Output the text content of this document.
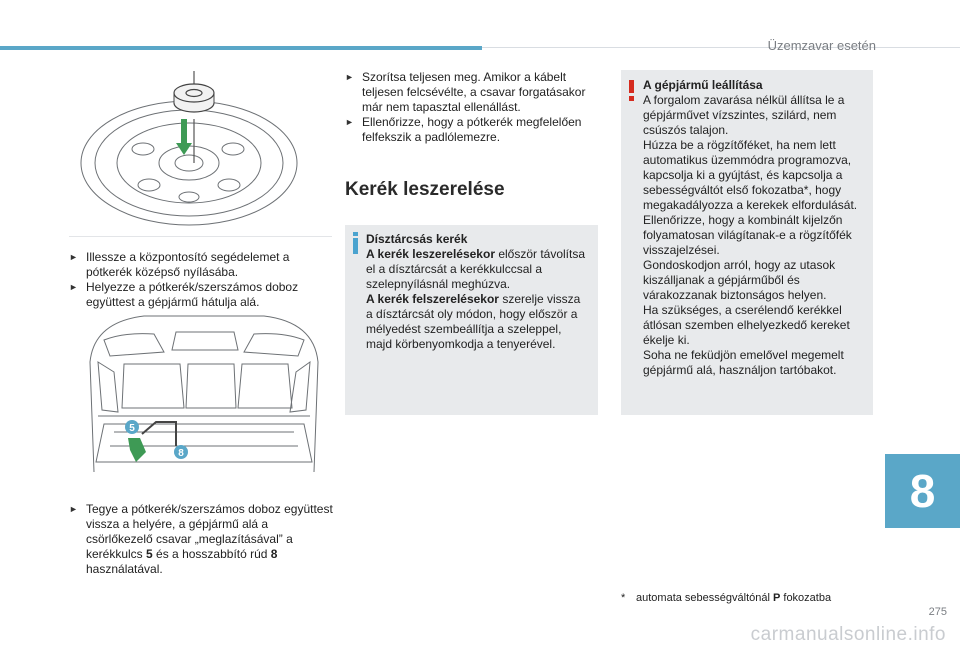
Üzemzavar esetén

► Illessze a központosító segédelemet a pótkerék középső nyílásába.

► Helyezze a pótkerék/szerszámos doboz együttest a gépjármű hátulja alá.

5
8

► Tegye a pótkerék/szerszámos doboz együttest vissza a helyére, a gépjármű alá a csörlőkezelő csavar „meglazításával” a kerékkulcs 5 és a hosszabbító rúd 8 használatával.

► Szorítsa teljesen meg. Amikor a kábelt teljesen felcsévélte, a csavar forgatásakor már nem tapasztal ellenállást.

► Ellenőrizze, hogy a pótkerék megfelelően felfekszik a padlólemezre.

Kerék leszerelése
Dísztárcsás kerék

A kerék leszerelésekor először távolítsa el a dísztárcsát a kerékkulccsal a szelepnyílásnál meghúzva.

A kerék felszerelésekor szerelje vissza a dísztárcsát oly módon, hogy először a mélyedést szembeállítja a szeleppel, majd körbenyomkodja a tenyerével.

A gépjármű leállítása

A forgalom zavarása nélkül állítsa le a gépjárművet vízszintes, szilárd, nem csúszós talajon.

Húzza be a rögzítőféket, ha nem lett automatikus üzemmódra programozva, kapcsolja ki a gyújtást, és kapcsolja a sebességváltót első fokozatba*, hogy megakadályozza a kerekek elfordulását.

Ellenőrizze, hogy a kombinált kijelzőn folyamatosan világítanak-e a rögzítőfék visszajelzései.

Gondoskodjon arról, hogy az utasok kiszálljanak a gépjárműből és várakozzanak biztonságos helyen.

Ha szükséges, a cserélendő kerékkel átlósan szemben elhelyezkedő kereket ékelje ki.

Soha ne feküdjön emelővel megemelt gépjármű alá, használjon tartóbakot.

* automata sebességváltónál P fokozatba
8
275
carmanualsonline.info
